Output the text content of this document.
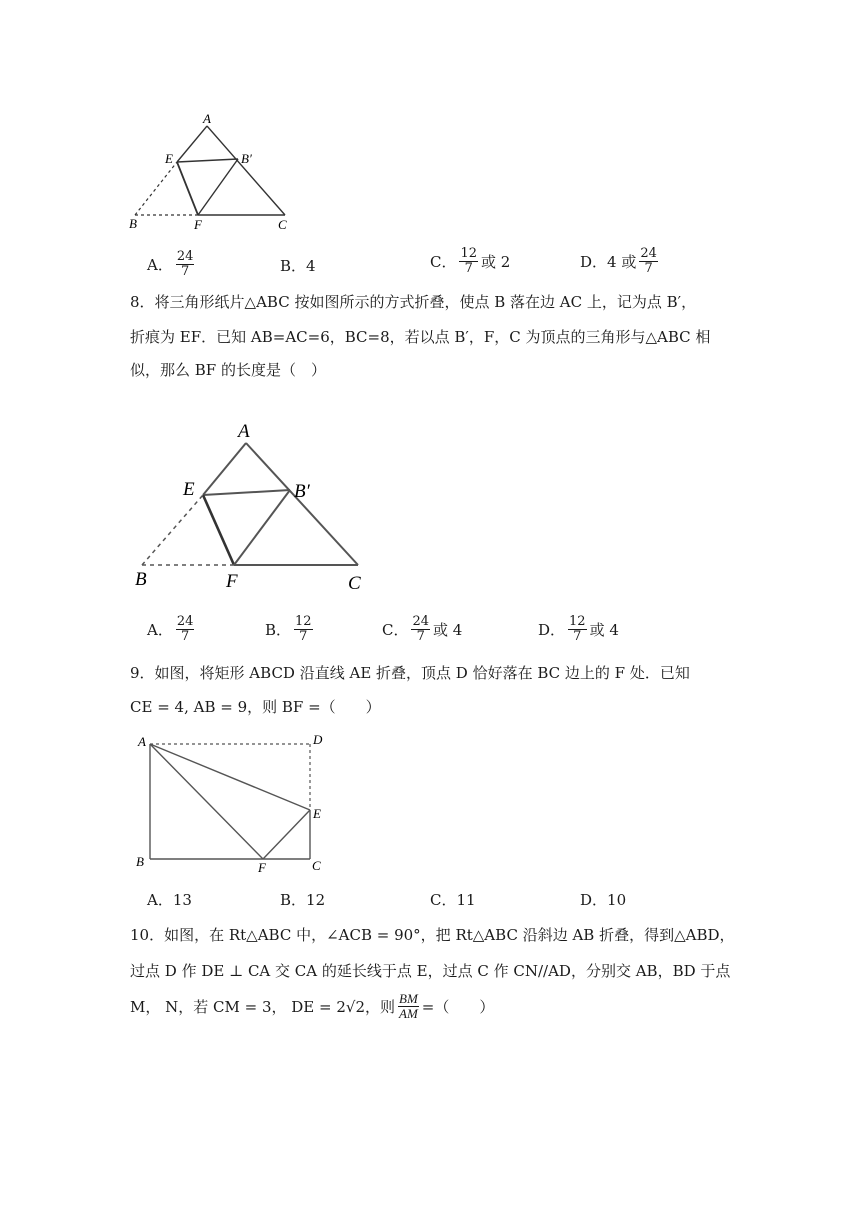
A
E	B′
B	F	C
A． $\frac{24}{7}$	B． 4	C． $\frac{12}{7}$ 或 2	D． 4 或 $\frac{24}{7}$
8．将三角形纸片△ABC 按如图所示的方式折叠，使点 B 落在边 AC 上，记为点 B′，
折痕为 EF．已知 AB=AC=6，BC=8，若以点 B′，F，C 为顶点的三角形与△ABC 相
似，那么 BF 的长度是（　）
A
E	B′
B	F	C
A． $\frac{24}{7}$	B． $\frac{12}{7}$	C． $\frac{24}{7}$ 或 4	D． $\frac{12}{7}$ 或 4
9．如图，将矩形 ABCD 沿直线 AE 折叠，顶点 D 恰好落在 BC 边上的 F 处．已知
CE = 4, AB = 9，则 BF =（　　）
A	D
E
B	F	C
A． 13	B． 12	C． 11	D． 10
10．如图，在 Rt△ABC 中，∠ACB = 90°，把 Rt△ABC 沿斜边 AB 折叠，得到△ABD，
过点 D 作 DE ⊥ CA 交 CA 的延长线于点 E，过点 C 作 CN//AD，分别交 AB，BD 于点
M， N，若 CM = 3， DE = 2√2，则 $\frac{BM}{AM}$ =（　　）
